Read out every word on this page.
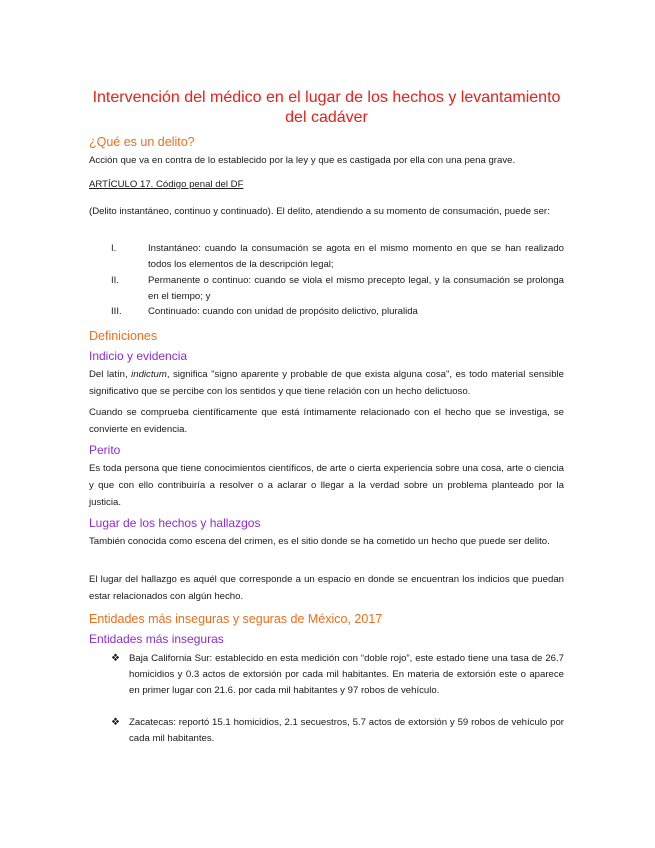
Intervención del médico en el lugar de los hechos y levantamiento del cadáver
¿Qué es un delito?
Acción que va en contra de lo establecido por la ley y que es castigada por ella con una pena grave.
ARTÍCULO 17. Código penal del DF
(Delito instantáneo, continuo y continuado). El delito, atendiendo a su momento de consumación, puede ser:
I.	Instantáneo: cuando la consumación se agota en el mismo momento en que se han realizado todos los elementos de la descripción legal;
II.	Permanente o continuo: cuando se viola el mismo precepto legal, y la consumación se prolonga en el tiempo; y
III.	Continuado: cuando con unidad de propósito delictivo, pluralida
Definiciones
Indicio y evidencia
Del latín, indictum, significa "signo aparente y probable de que exista alguna cosa", es todo material sensible significativo que se percibe con los sentidos y que tiene relación con un hecho delictuoso.
Cuando se comprueba científicamente que está íntimamente relacionado con el hecho que se investiga, se convierte en evidencia.
Perito
Es toda persona que tiene conocimientos científicos, de arte o cierta experiencia sobre una cosa, arte o ciencia y que con ello contribuiría a resolver o a aclarar o llegar a la verdad sobre un problema planteado por la justicia.
Lugar de los hechos y hallazgos
También conocida como escena del crimen, es el sitio donde se ha cometido un hecho que puede ser delito.
El lugar del hallazgo es aquél que corresponde a un espacio en donde se encuentran los indicios que puedan estar relacionados con algún hecho.
Entidades más inseguras y seguras de México, 2017
Entidades más inseguras
❖ Baja California Sur: establecido en esta medición con “doble rojo”, este estado tiene una tasa de 26.7 homicidios y 0.3 actos de extorsión por cada mil habitantes. En materia de extorsión este o aparece en primer lugar con 21.6. por cada mil habitantes y 97 robos de vehículo.
❖ Zacatecas: reportó 15.1 homicidios, 2.1 secuestros, 5.7 actos de extorsión y 59 robos de vehículo por cada mil habitantes.
